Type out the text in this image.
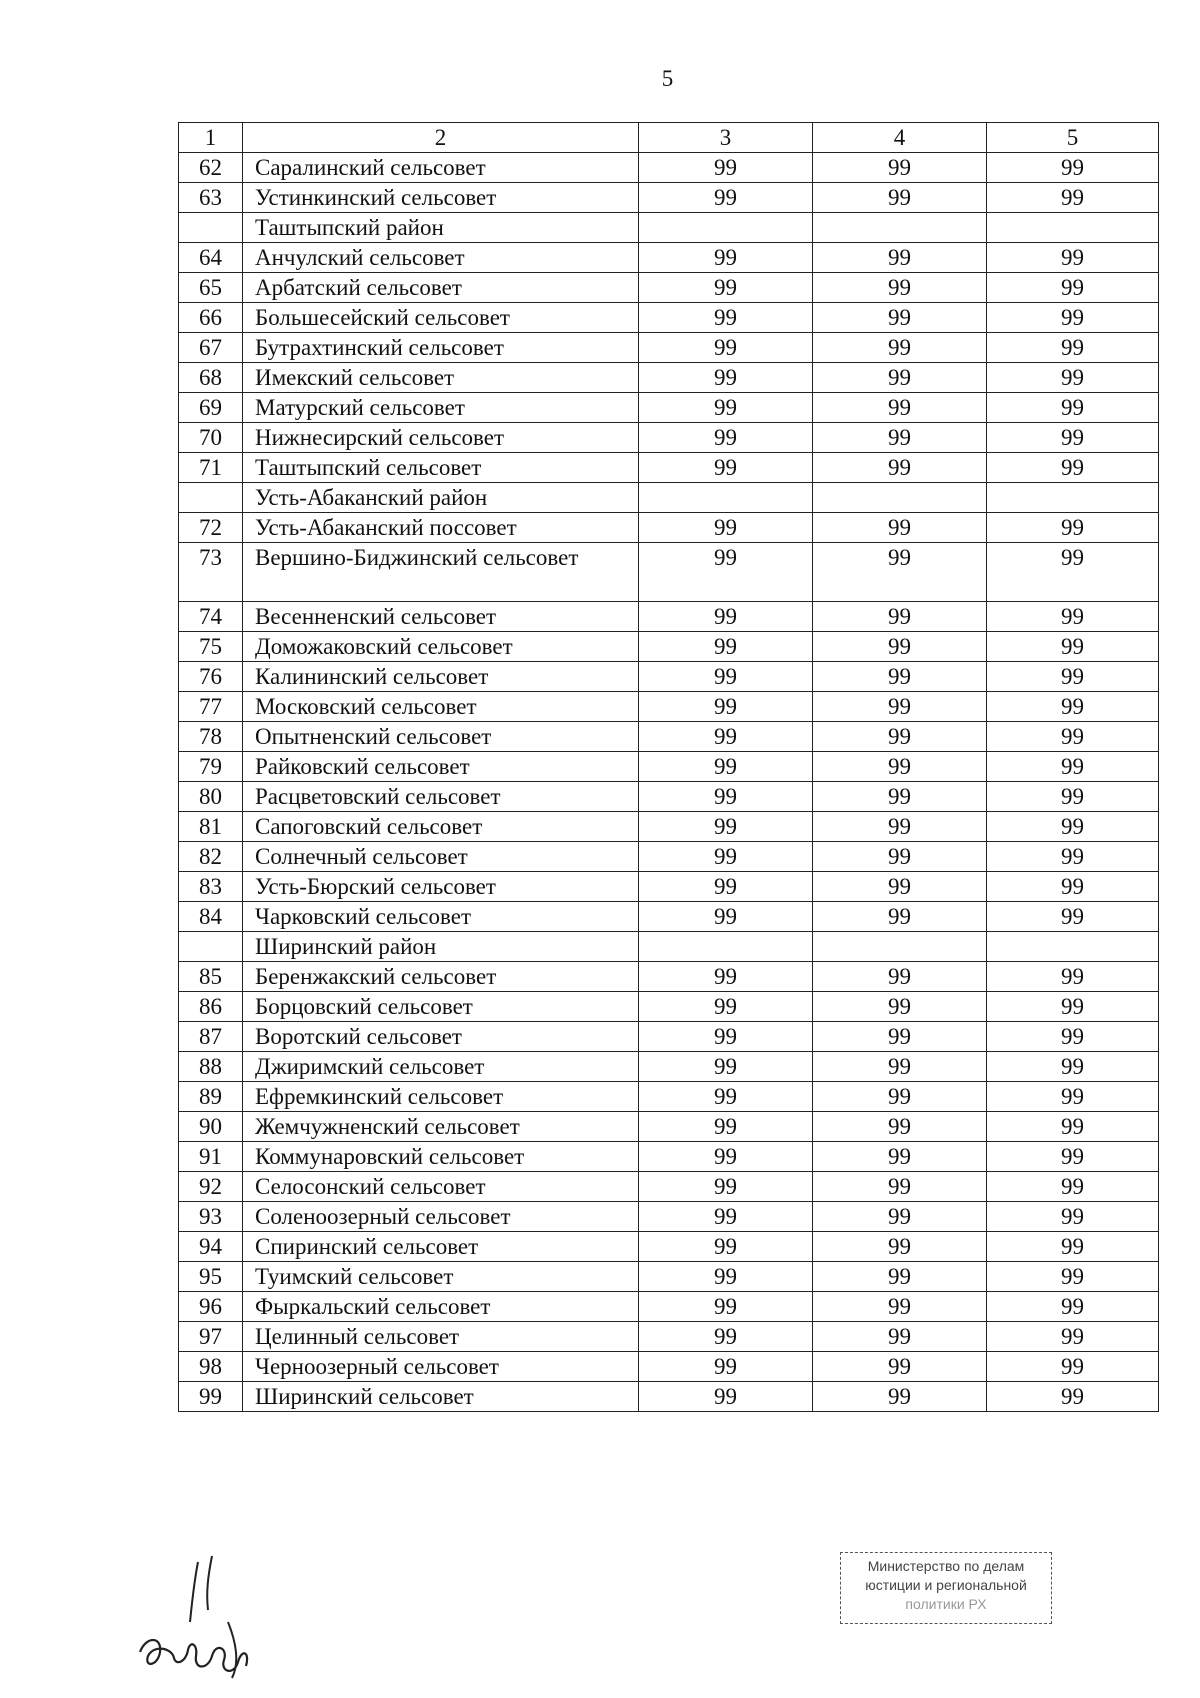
5
1	2	3	4	5
62	Саралинский сельсовет	99	99	99
63	Устинкинский сельсовет	99	99	99
	Таштыпский район			
64	Анчулский сельсовет	99	99	99
65	Арбатский сельсовет	99	99	99
66	Большесейский сельсовет	99	99	99
67	Бутрахтинский сельсовет	99	99	99
68	Имекский сельсовет	99	99	99
69	Матурский сельсовет	99	99	99
70	Нижнесирский сельсовет	99	99	99
71	Таштыпский сельсовет	99	99	99
	Усть-Абаканский район			
72	Усть-Абаканский поссовет	99	99	99
73	Вершино-Биджинский сельсовет	99	99	99
74	Весенненский сельсовет	99	99	99
75	Доможаковский сельсовет	99	99	99
76	Калининский сельсовет	99	99	99
77	Московский сельсовет	99	99	99
78	Опытненский сельсовет	99	99	99
79	Райковский сельсовет	99	99	99
80	Расцветовский сельсовет	99	99	99
81	Сапоговский сельсовет	99	99	99
82	Солнечный сельсовет	99	99	99
83	Усть-Бюрский сельсовет	99	99	99
84	Чарковский сельсовет	99	99	99
	Ширинский район			
85	Беренжакский сельсовет	99	99	99
86	Борцовский сельсовет	99	99	99
87	Воротский сельсовет	99	99	99
88	Джиримский сельсовет	99	99	99
89	Ефремкинский сельсовет	99	99	99
90	Жемчужненский сельсовет	99	99	99
91	Коммунаровский сельсовет	99	99	99
92	Селосонский сельсовет	99	99	99
93	Соленоозерный сельсовет	99	99	99
94	Спиринский сельсовет	99	99	99
95	Туимский сельсовет	99	99	99
96	Фыркальский сельсовет	99	99	99
97	Целинный сельсовет	99	99	99
98	Черноозерный сельсовет	99	99	99
99	Ширинский сельсовет	99	99	99
Министерство по делам
юстиции и региональной
политики РХ
